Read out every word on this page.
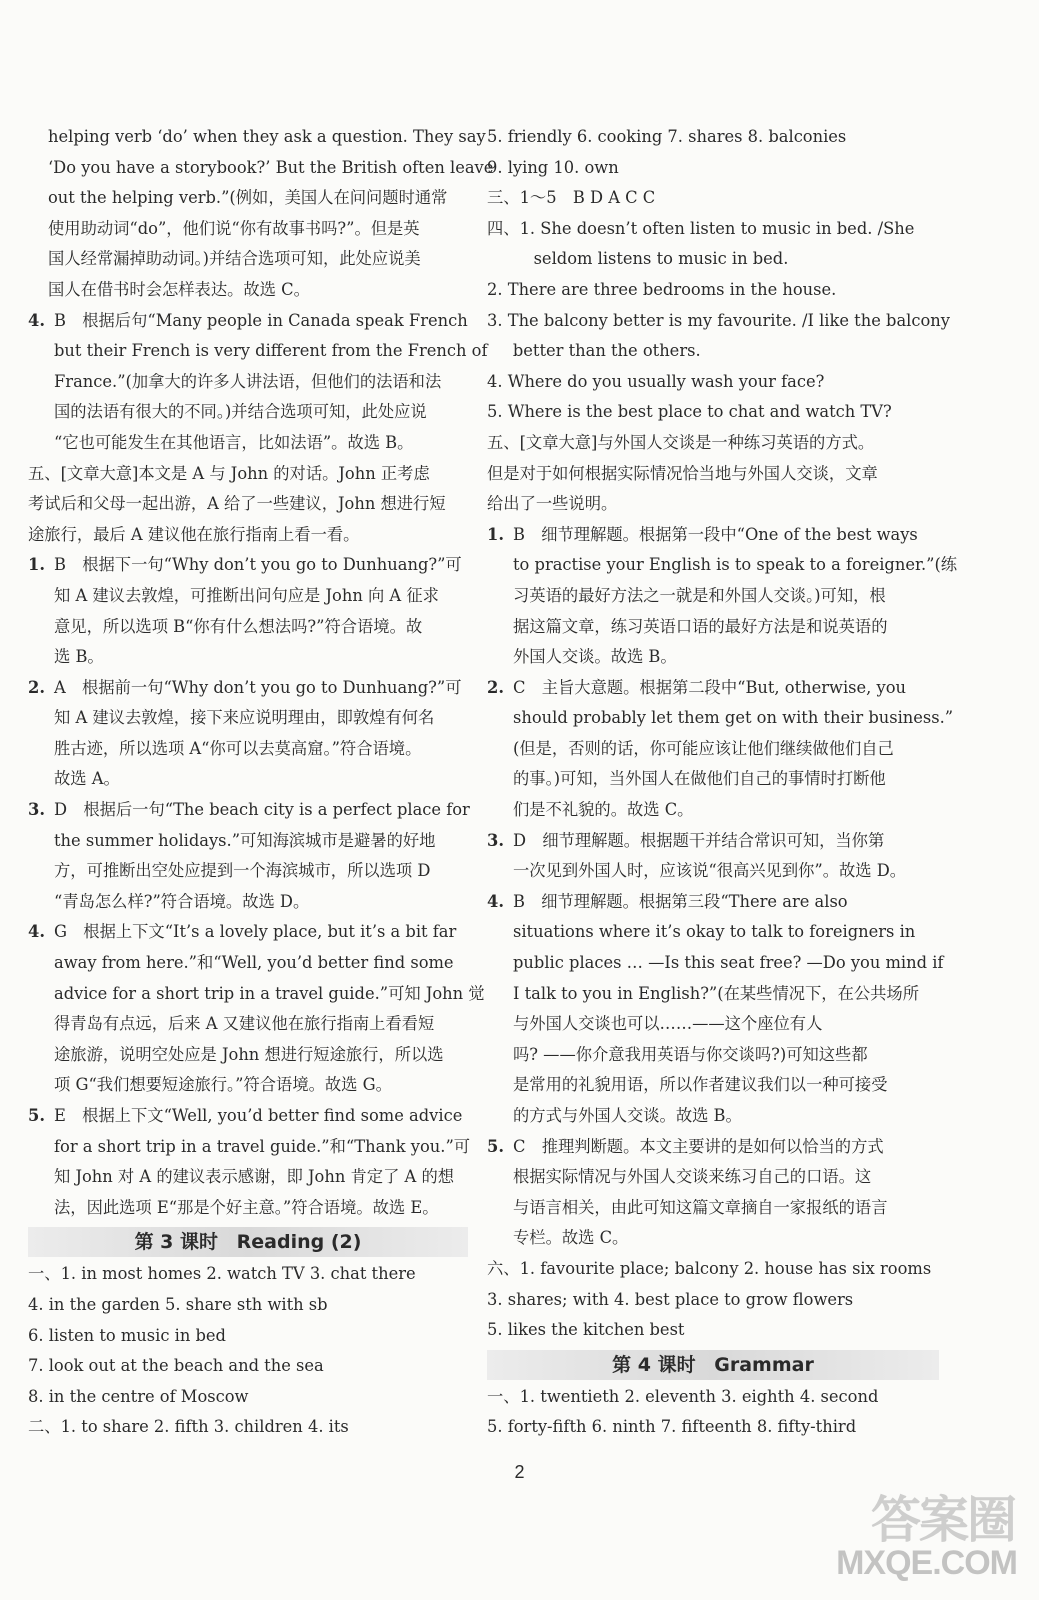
helping verb ‘do’ when they ask a question. They say
‘Do you have a storybook?’ But the British often leave
out the helping verb.”(例如，美国人在问问题时通常
使用助动词“do”，他们说“你有故事书吗?”。但是英
国人经常漏掉助动词。)并结合选项可知，此处应说美
国人在借书时会怎样表达。故选 C。
4. B　根据后句“Many people in Canada speak French
but their French is very different from the French of
France.”(加拿大的许多人讲法语，但他们的法语和法
国的法语有很大的不同。)并结合选项可知，此处应说
“它也可能发生在其他语言，比如法语”。故选 B。
五、[文章大意]本文是 A 与 John 的对话。John 正考虑
考试后和父母一起出游，A 给了一些建议，John 想进行短
途旅行，最后 A 建议他在旅行指南上看一看。
1. B　根据下一句“Why don’t you go to Dunhuang?”可
知 A 建议去敦煌，可推断出问句应是 John 向 A 征求
意见，所以选项 B“你有什么想法吗?”符合语境。故
选 B。
2. A　根据前一句“Why don’t you go to Dunhuang?”可
知 A 建议去敦煌，接下来应说明理由，即敦煌有何名
胜古迹，所以选项 A“你可以去莫高窟。”符合语境。
故选 A。
3. D　根据后一句“The beach city is a perfect place for
the summer holidays.”可知海滨城市是避暑的好地
方，可推断出空处应提到一个海滨城市，所以选项 D
“青岛怎么样?”符合语境。故选 D。
4. G　根据上下文“It’s a lovely place, but it’s a bit far
away from here.”和“Well, you’d better find some
advice for a short trip in a travel guide.”可知 John 觉
得青岛有点远，后来 A 又建议他在旅行指南上看看短
途旅游，说明空处应是 John 想进行短途旅行，所以选
项 G“我们想要短途旅行。”符合语境。故选 G。
5. E　根据上下文“Well, you’d better find some advice
for a short trip in a travel guide.”和“Thank you.”可
知 John 对 A 的建议表示感谢，即 John 肯定了 A 的想
法，因此选项 E“那是个好主意。”符合语境。故选 E。
第 3 课时 Reading (2)
一、1. in most homes 2. watch TV 3. chat there
4. in the garden 5. share sth with sb
6. listen to music in bed
7. look out at the beach and the sea
8. in the centre of Moscow
二、1. to share 2. fifth 3. children 4. its
5. friendly 6. cooking 7. shares 8. balconies
9. lying 10. own
三、1～5　B D A C C
四、1. She doesn’t often listen to music in bed. /She
seldom listens to music in bed.
2. There are three bedrooms in the house.
3. The balcony better is my favourite. /I like the balcony
better than the others.
4. Where do you usually wash your face?
5. Where is the best place to chat and watch TV?
五、[文章大意]与外国人交谈是一种练习英语的方式。
但是对于如何根据实际情况恰当地与外国人交谈，文章
给出了一些说明。
1. B　细节理解题。根据第一段中“One of the best ways
to practise your English is to speak to a foreigner.”(练
习英语的最好方法之一就是和外国人交谈。)可知，根
据这篇文章，练习英语口语的最好方法是和说英语的
外国人交谈。故选 B。
2. C　主旨大意题。根据第二段中“But, otherwise, you
should probably let them get on with their business.”
(但是，否则的话，你可能应该让他们继续做他们自己
的事。)可知，当外国人在做他们自己的事情时打断他
们是不礼貌的。故选 C。
3. D　细节理解题。根据题干并结合常识可知，当你第
一次见到外国人时，应该说“很高兴见到你”。故选 D。
4. B　细节理解题。根据第三段“There are also
situations where it’s okay to talk to foreigners in
public places … —Is this seat free? —Do you mind if
I talk to you in English?”(在某些情况下，在公共场所
与外国人交谈也可以……——这个座位有人
吗? ——你介意我用英语与你交谈吗?)可知这些都
是常用的礼貌用语，所以作者建议我们以一种可接受
的方式与外国人交谈。故选 B。
5. C　推理判断题。本文主要讲的是如何以恰当的方式
根据实际情况与外国人交谈来练习自己的口语。这
与语言相关，由此可知这篇文章摘自一家报纸的语言
专栏。故选 C。
六、1. favourite place; balcony 2. house has six rooms
3. shares; with 4. best place to grow flowers
5. likes the kitchen best
第 4 课时 Grammar
一、1. twentieth 2. eleventh 3. eighth 4. second
5. forty-fifth 6. ninth 7. fifteenth 8. fifty-third
2
答案圈
MXQE.COM
